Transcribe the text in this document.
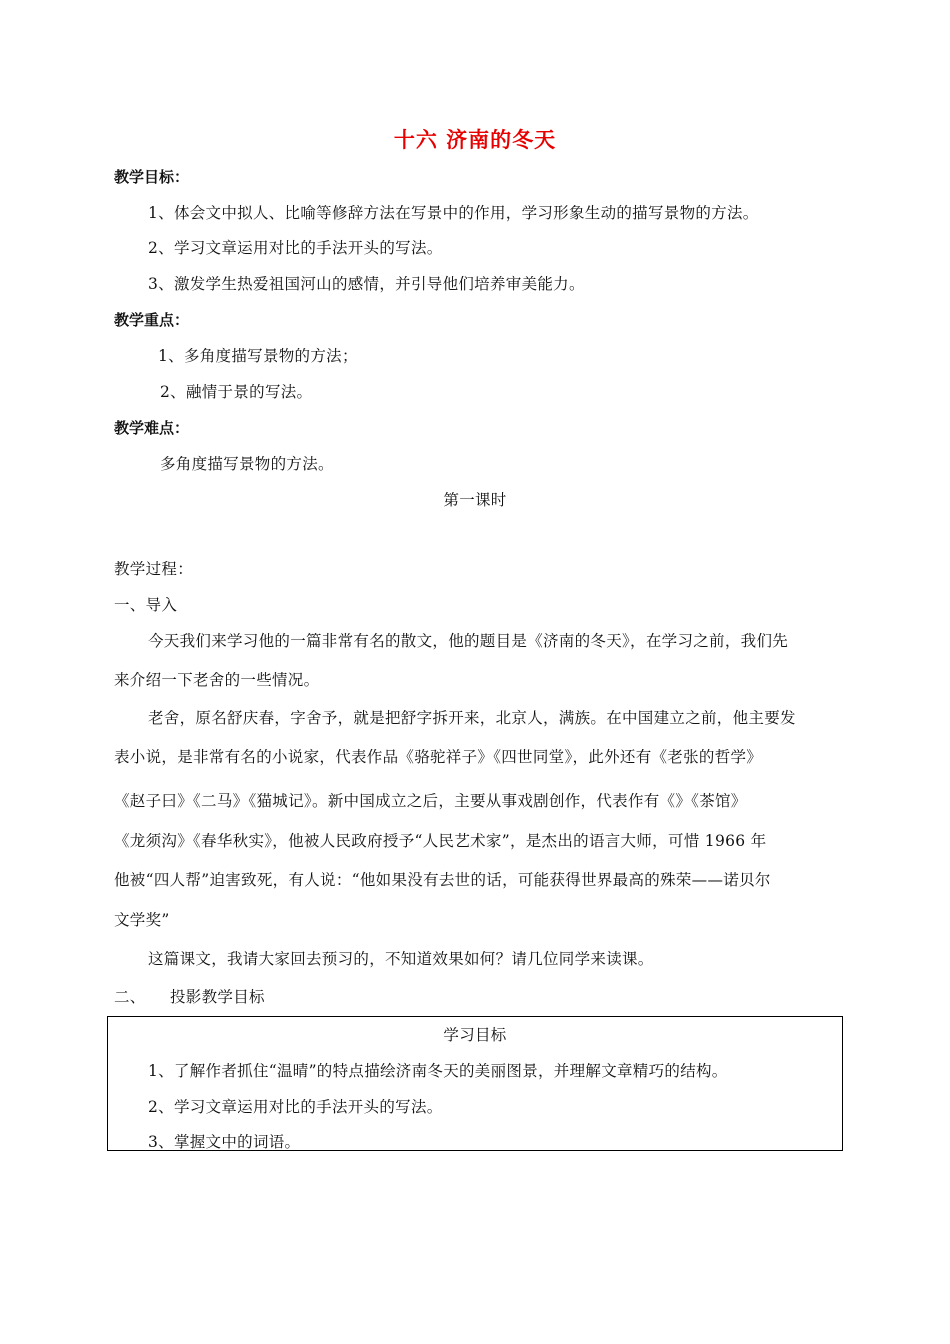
十六 济南的冬天
教学目标：
1、体会文中拟人、比喻等修辞方法在写景中的作用，学习形象生动的描写景物的方法。
2、学习文章运用对比的手法开头的写法。
3、激发学生热爱祖国河山的感情，并引导他们培养审美能力。
教学重点：
1、多角度描写景物的方法；
2、融情于景的写法。
教学难点：
多角度描写景物的方法。
第一课时
教学过程：
一、导入
今天我们来学习他的一篇非常有名的散文，他的题目是《济南的冬天》，在学习之前，我们先
来介绍一下老舍的一些情况。
老舍，原名舒庆春，字舍予，就是把舒字拆开来，北京人，满族。在中国建立之前，他主要发
表小说，是非常有名的小说家，代表作品《骆驼祥子》《四世同堂》，此外还有《老张的哲学》
《赵子曰》《二马》《猫城记》。新中国成立之后，主要从事戏剧创作，代表作有《》《茶馆》
《龙须沟》《春华秋实》，他被人民政府授予“人民艺术家”，是杰出的语言大师，可惜 1966 年
他被“四人帮”迫害致死，有人说：“他如果没有去世的话，可能获得世界最高的殊荣——诺贝尔
文学奖”
这篇课文，我请大家回去预习的，不知道效果如何？请几位同学来读课。
二、 投影教学目标
学习目标
1、了解作者抓住“温晴”的特点描绘济南冬天的美丽图景，并理解文章精巧的结构。
2、学习文章运用对比的手法开头的写法。
3、掌握文中的词语。
